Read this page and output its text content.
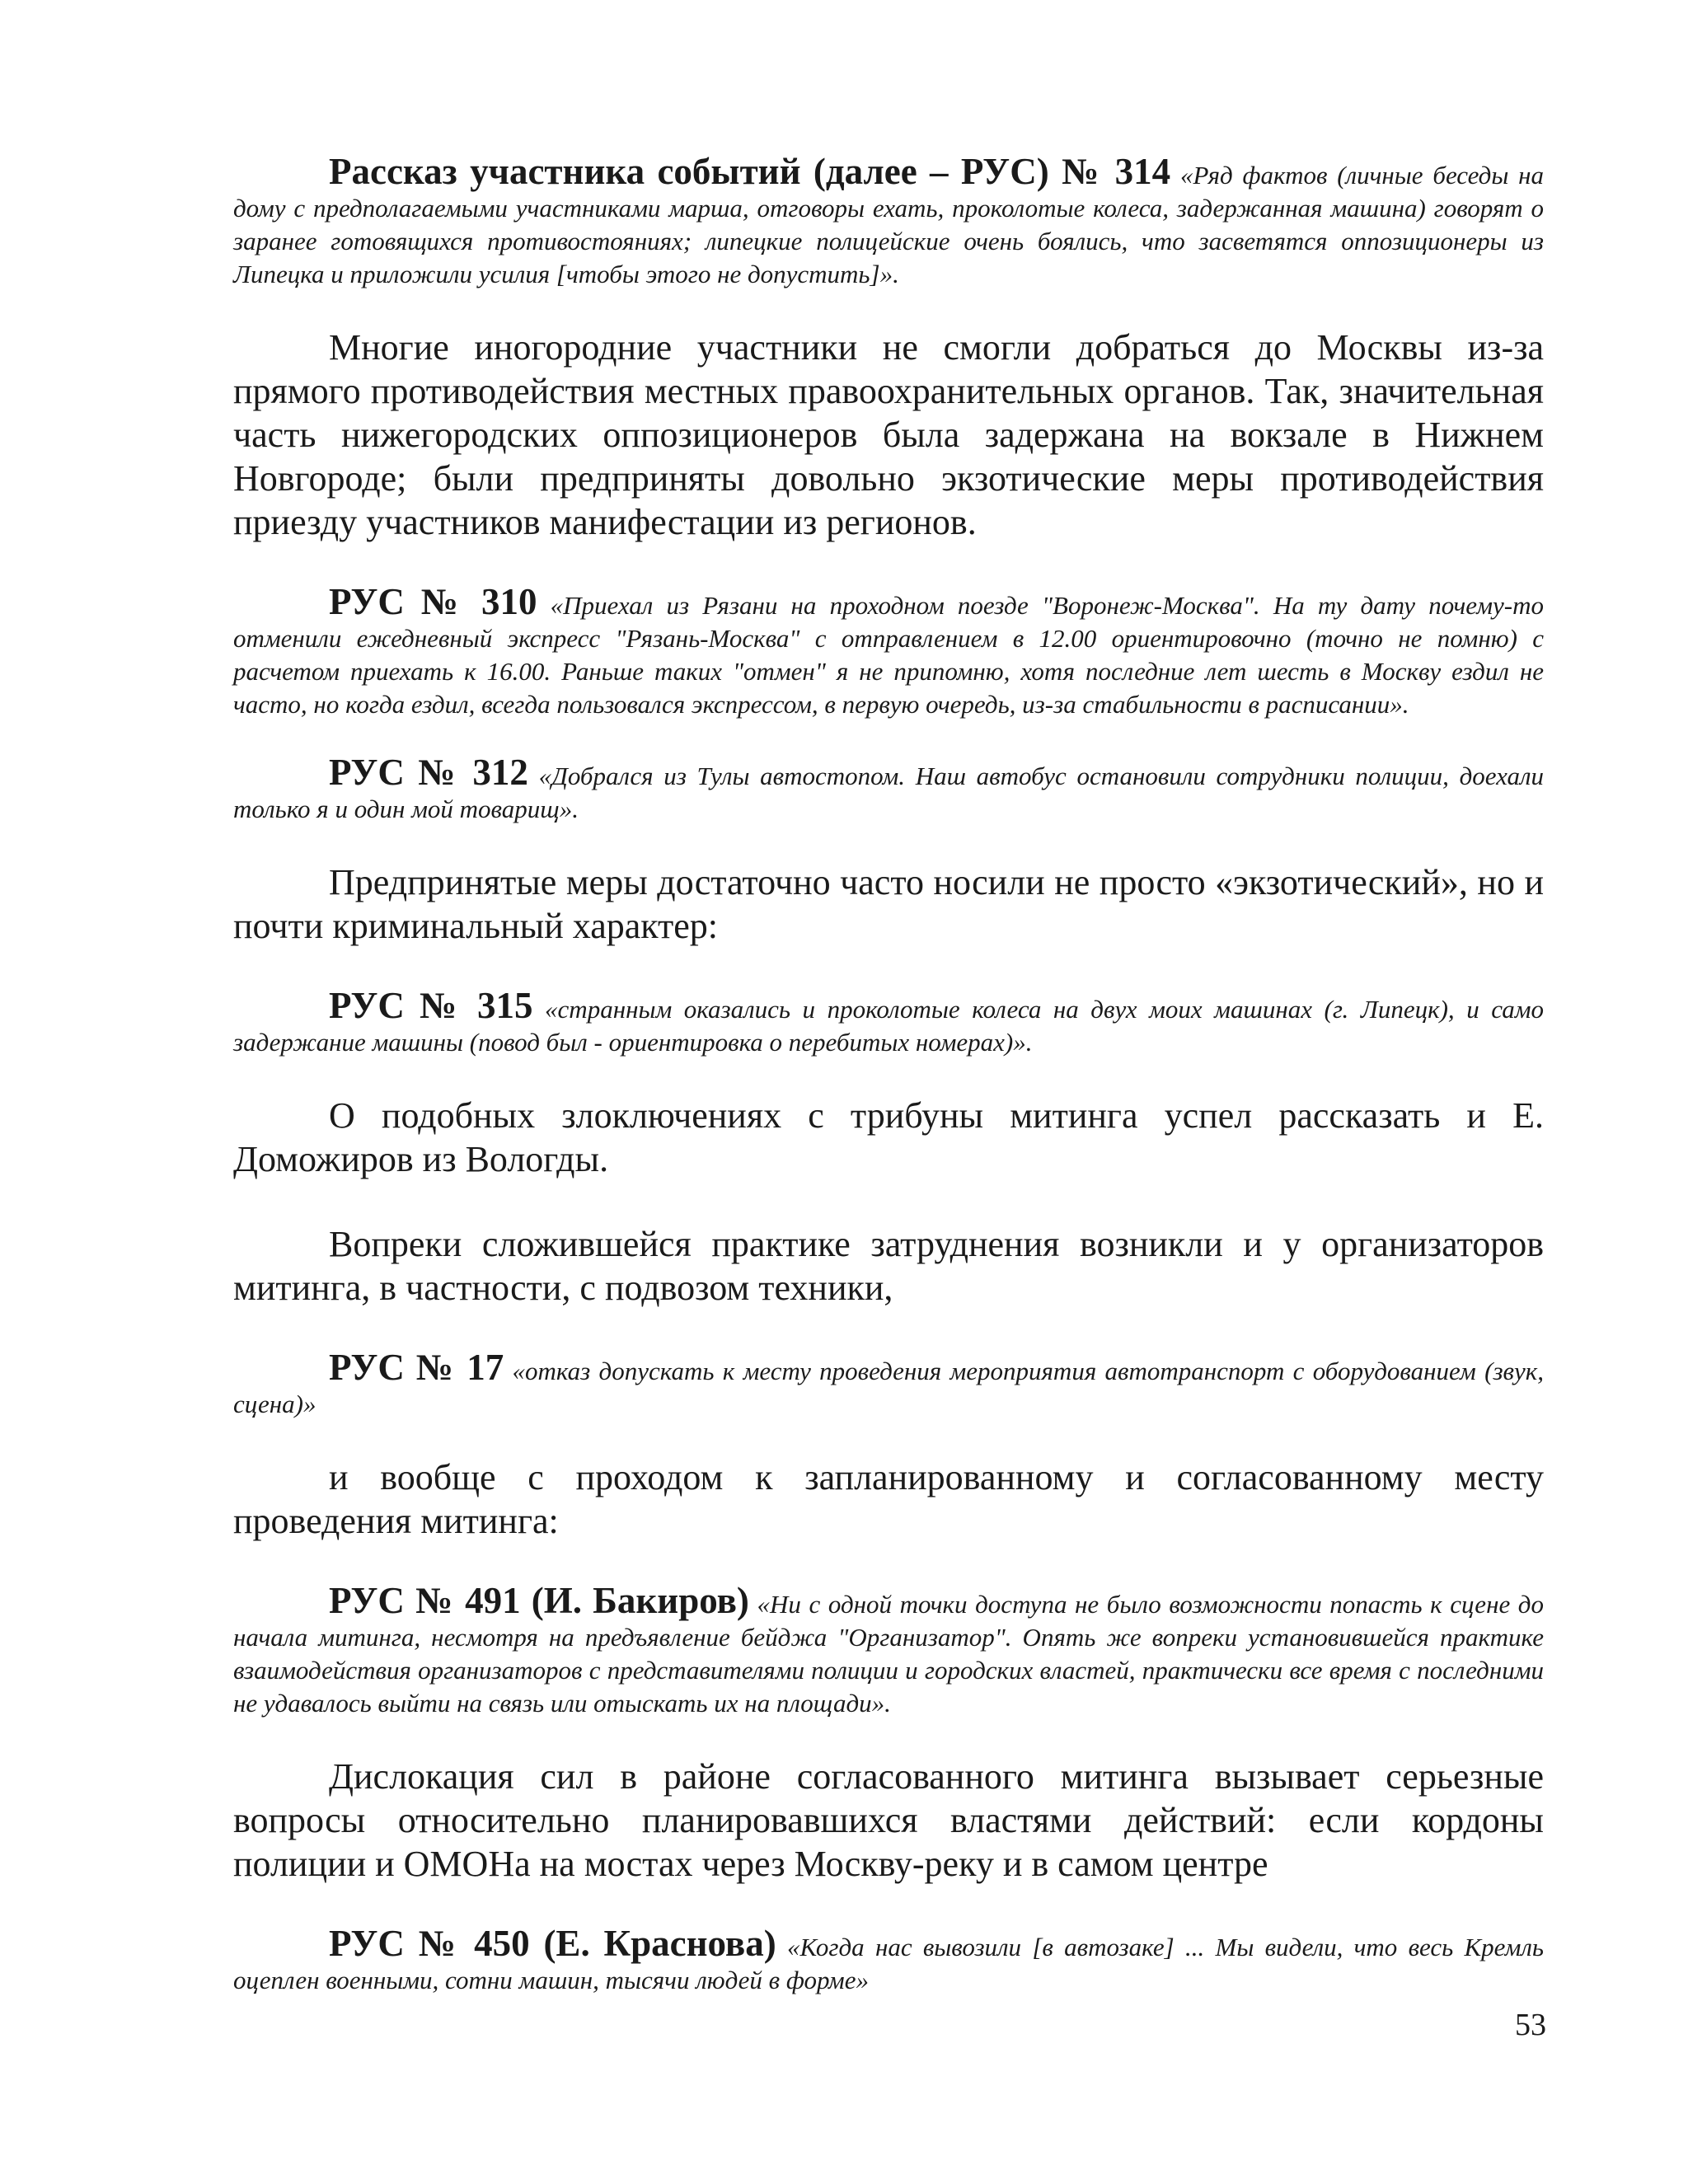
Рассказ участника событий (далее – РУС) № 314 «Ряд фактов (личные беседы на дому с предполагаемыми участниками марша, отговоры ехать, проколотые колеса, задержанная машина) говорят о заранее готовящихся противостояниях; липецкие полицейские очень боялись, что засветятся оппозиционеры из Липецка и приложили усилия [чтобы этого не допустить]».

Многие иногородние участники не смогли добраться до Москвы из-за прямого противодействия местных правоохранительных органов. Так, значительная часть нижегородских оппозиционеров была задержана на вокзале в Нижнем Новгороде; были предприняты довольно экзотические меры противодействия приезду участников манифестации из регионов.

РУС № 310 «Приехал из Рязани на проходном поезде "Воронеж-Москва". На ту дату почему-то отменили ежедневный экспресс "Рязань-Москва" с отправлением в 12.00 ориентировочно (точно не помню) с расчетом приехать к 16.00. Раньше таких "отмен" я не припомню, хотя последние лет шесть в Москву ездил не часто, но когда ездил, всегда пользовался экспрессом, в первую очередь, из-за стабильности в расписании».

РУС № 312 «Добрался из Тулы автостопом. Наш автобус остановили сотрудники полиции, доехали только я и один мой товарищ».

Предпринятые меры достаточно часто носили не просто «экзотический», но и почти криминальный характер:

РУС № 315 «странным оказались и проколотые колеса на двух моих машинах (г. Липецк), и само задержание машины (повод был - ориентировка о перебитых номерах)».

О подобных злоключениях с трибуны митинга успел рассказать и Е. Доможиров из Вологды.

Вопреки сложившейся практике затруднения возникли и у организаторов митинга, в частности, с подвозом техники,

РУС № 17 «отказ допускать к месту проведения мероприятия автотранспорт с оборудованием (звук, сцена)»

и вообще с проходом к запланированному и согласованному месту проведения митинга:

РУС № 491 (И. Бакиров) «Ни с одной точки доступа не было возможности попасть к сцене до начала митинга, несмотря на предъявление бейджа "Организатор". Опять же вопреки установившейся практике взаимодействия организаторов с представителями полиции и городских властей, практически все время с последними не удавалось выйти на связь или отыскать их на площади».

Дислокация сил в районе согласованного митинга вызывает серьезные вопросы относительно планировавшихся властями действий: если кордоны полиции и ОМОНа на мостах через Москву-реку и в самом центре

РУС № 450 (Е. Краснова) «Когда нас вывозили [в автозаке] ... Мы видели, что весь Кремль оцеплен военными, сотни машин, тысячи людей в форме»

53
